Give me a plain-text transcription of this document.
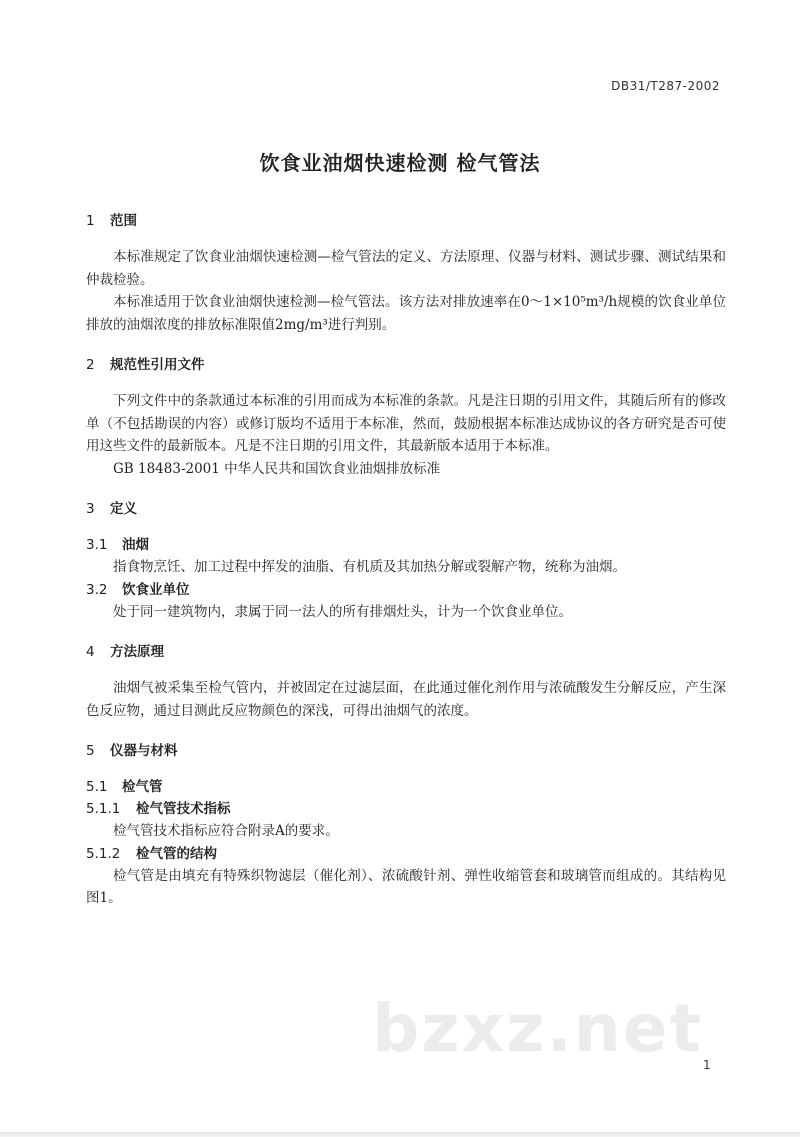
DB31/T287-2002
饮食业油烟快速检测 检气管法
1 范围

本标准规定了饮食业油烟快速检测—检气管法的定义、方法原理、仪器与材料、测试步骤、测试结果和仲裁检验。

本标准适用于饮食业油烟快速检测—检气管法。该方法对排放速率在0～1×10⁵m³/h规模的饮食业单位排放的油烟浓度的排放标准限值2mg/m³进行判别。

2 规范性引用文件

下列文件中的条款通过本标准的引用而成为本标准的条款。凡是注日期的引用文件，其随后所有的修改单（不包括勘误的内容）或修订版均不适用于本标准，然而，鼓励根据本标准达成协议的各方研究是否可使用这些文件的最新版本。凡是不注日期的引用文件，其最新版本适用于本标准。

GB 18483-2001 中华人民共和国饮食业油烟排放标准

3 定义
3.1 油烟

指食物烹饪、加工过程中挥发的油脂、有机质及其加热分解或裂解产物，统称为油烟。

3.2 饮食业单位

处于同一建筑物内，隶属于同一法人的所有排烟灶头，计为一个饮食业单位。

4 方法原理

油烟气被采集至检气管内，并被固定在过滤层面，在此通过催化剂作用与浓硫酸发生分解反应，产生深色反应物，通过目测此反应物颜色的深浅，可得出油烟气的浓度。

5 仪器与材料
5.1 检气管
5.1.1 检气管技术指标

检气管技术指标应符合附录A的要求。

5.1.2 检气管的结构

检气管是由填充有特殊织物滤层（催化剂）、浓硫酸针剂、弹性收缩管套和玻璃管而组成的。其结构见图1。

bzxz.net 1
